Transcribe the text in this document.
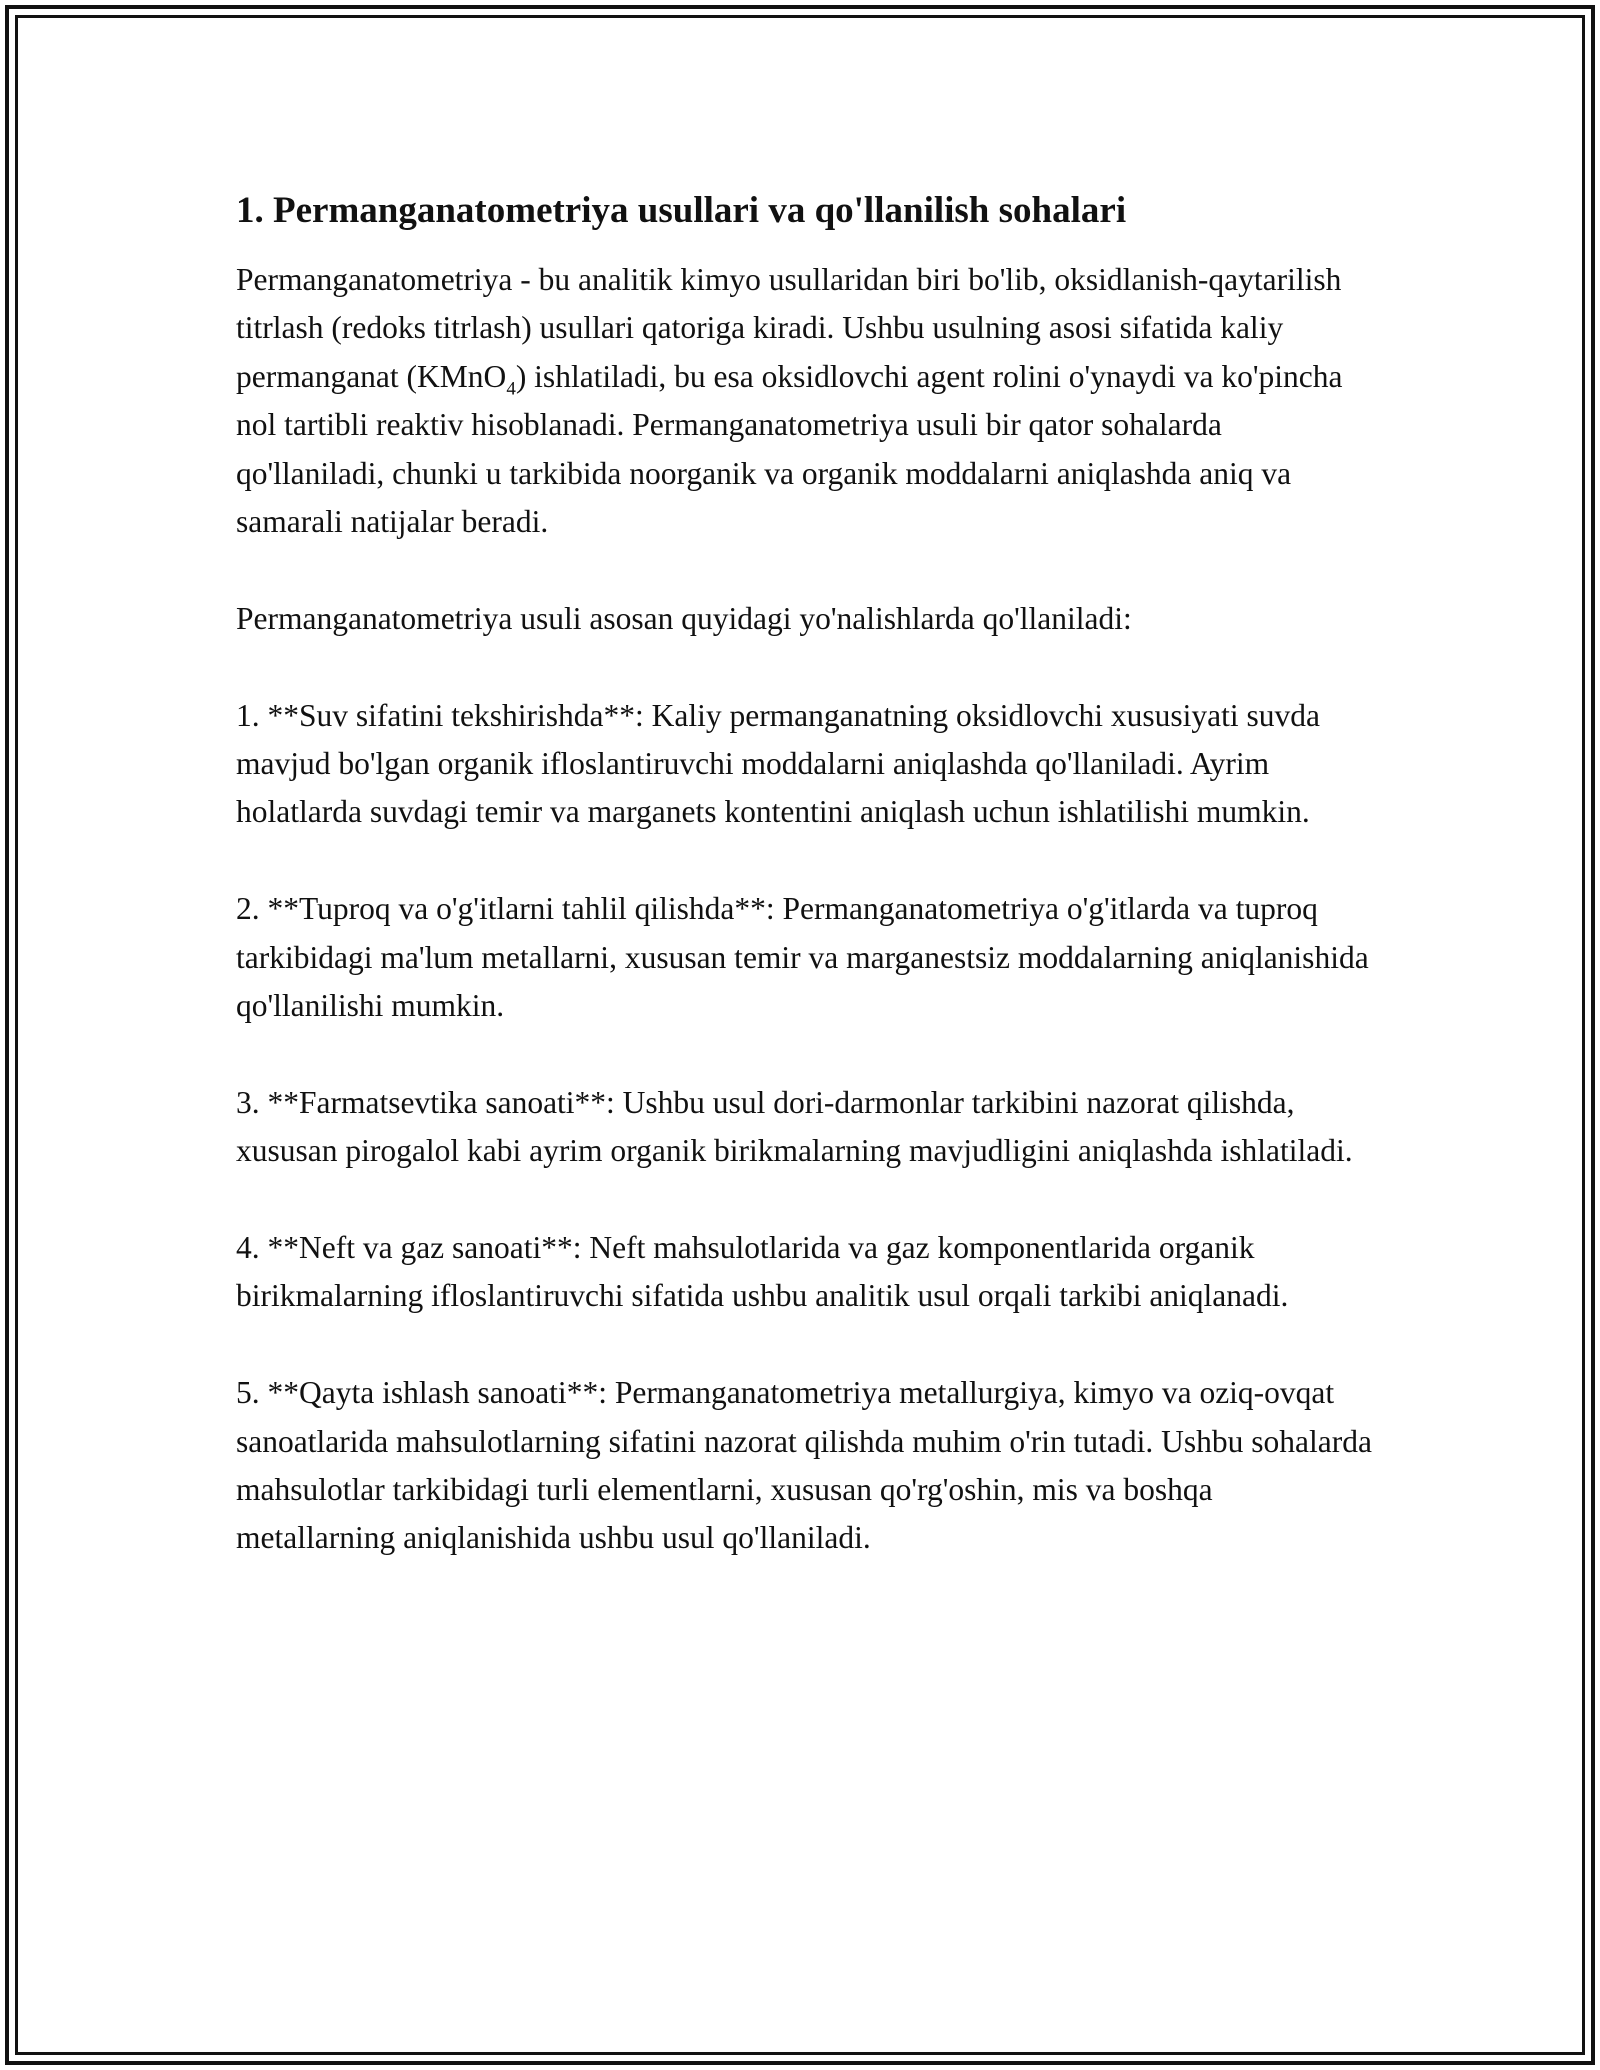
1. Permanganatometriya usullari va qo'llanilish sohalari

Permanganatometriya - bu analitik kimyo usullaridan biri bo'lib, oksidlanish-qaytarilish titrlash (redoks titrlash) usullari qatoriga kiradi. Ushbu usulning asosi sifatida kaliy permanganat (KMnO$_4$) ishlatiladi, bu esa oksidlovchi agent rolini o'ynaydi va ko'pincha nol tartibli reaktiv hisoblanadi. Permanganatometriya usuli bir qator sohalarda qo'llaniladi, chunki u tarkibida noorganik va organik moddalarni aniqlashda aniq va samarali natijalar beradi.

Permanganatometriya usuli asosan quyidagi yo'nalishlarda qo'llaniladi:

1. **Suv sifatini tekshirishda**: Kaliy permanganatning oksidlovchi xususiyati suvda mavjud bo'lgan organik ifloslantiruvchi moddalarni aniqlashda qo'llaniladi. Ayrim holatlarda suvdagi temir va marganets kontentini aniqlash uchun ishlatilishi mumkin.

2. **Tuproq va o'g'itlarni tahlil qilishda**: Permanganatometriya o'g'itlarda va tuproq tarkibidagi ma'lum metallarni, xususan temir va marganestsiz moddalarning aniqlanishida qo'llanilishi mumkin.

3. **Farmatsevtika sanoati**: Ushbu usul dori-darmonlar tarkibini nazorat qilishda, xususan pirogalol kabi ayrim organik birikmalarning mavjudligini aniqlashda ishlatiladi.

4. **Neft va gaz sanoati**: Neft mahsulotlarida va gaz komponentlarida organik birikmalarning ifloslantiruvchi sifatida ushbu analitik usul orqali tarkibi aniqlanadi.

5. **Qayta ishlash sanoati**: Permanganatometriya metallurgiya, kimyo va oziq-ovqat sanoatlarida mahsulotlarning sifatini nazorat qilishda muhim o'rin tutadi. Ushbu sohalarda mahsulotlar tarkibidagi turli elementlarni, xususan qo'rg'oshin, mis va boshqa metallarning aniqlanishida ushbu usul qo'llaniladi.
